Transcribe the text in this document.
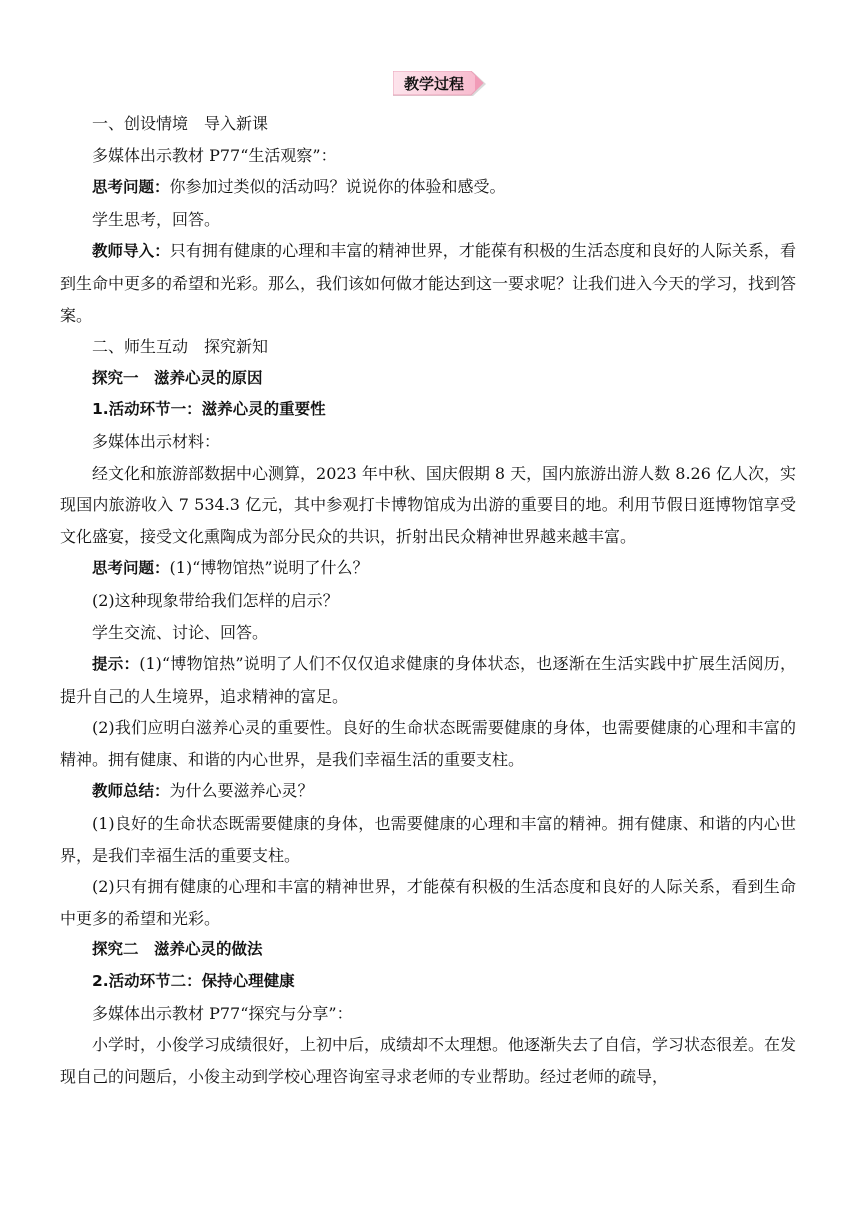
教学过程

一、创设情境　导入新课

多媒体出示教材 P77“生活观察”：

思考问题：你参加过类似的活动吗？说说你的体验和感受。

学生思考，回答。

教师导入：只有拥有健康的心理和丰富的精神世界，才能葆有积极的生活态度和良好的人际关系，看到生命中更多的希望和光彩。那么，我们该如何做才能达到这一要求呢？让我们进入今天的学习，找到答案。

二、师生互动　探究新知

探究一　滋养心灵的原因

1.活动环节一：滋养心灵的重要性

多媒体出示材料：

经文化和旅游部数据中心测算，2023 年中秋、国庆假期 8 天，国内旅游出游人数 8.26 亿人次，实现国内旅游收入 7 534.3 亿元，其中参观打卡博物馆成为出游的重要目的地。利用节假日逛博物馆享受文化盛宴，接受文化熏陶成为部分民众的共识，折射出民众精神世界越来越丰富。

思考问题：(1)“博物馆热”说明了什么？

(2)这种现象带给我们怎样的启示？

学生交流、讨论、回答。

提示：(1)“博物馆热”说明了人们不仅仅追求健康的身体状态，也逐渐在生活实践中扩展生活阅历，提升自己的人生境界，追求精神的富足。

(2)我们应明白滋养心灵的重要性。良好的生命状态既需要健康的身体，也需要健康的心理和丰富的精神。拥有健康、和谐的内心世界，是我们幸福生活的重要支柱。

教师总结：为什么要滋养心灵？

(1)良好的生命状态既需要健康的身体，也需要健康的心理和丰富的精神。拥有健康、和谐的内心世界，是我们幸福生活的重要支柱。

(2)只有拥有健康的心理和丰富的精神世界，才能葆有积极的生活态度和良好的人际关系，看到生命中更多的希望和光彩。

探究二　滋养心灵的做法

2.活动环节二：保持心理健康

多媒体出示教材 P77“探究与分享”：

小学时，小俊学习成绩很好，上初中后，成绩却不太理想。他逐渐失去了自信，学习状态很差。在发现自己的问题后，小俊主动到学校心理咨询室寻求老师的专业帮助。经过老师的疏导，
